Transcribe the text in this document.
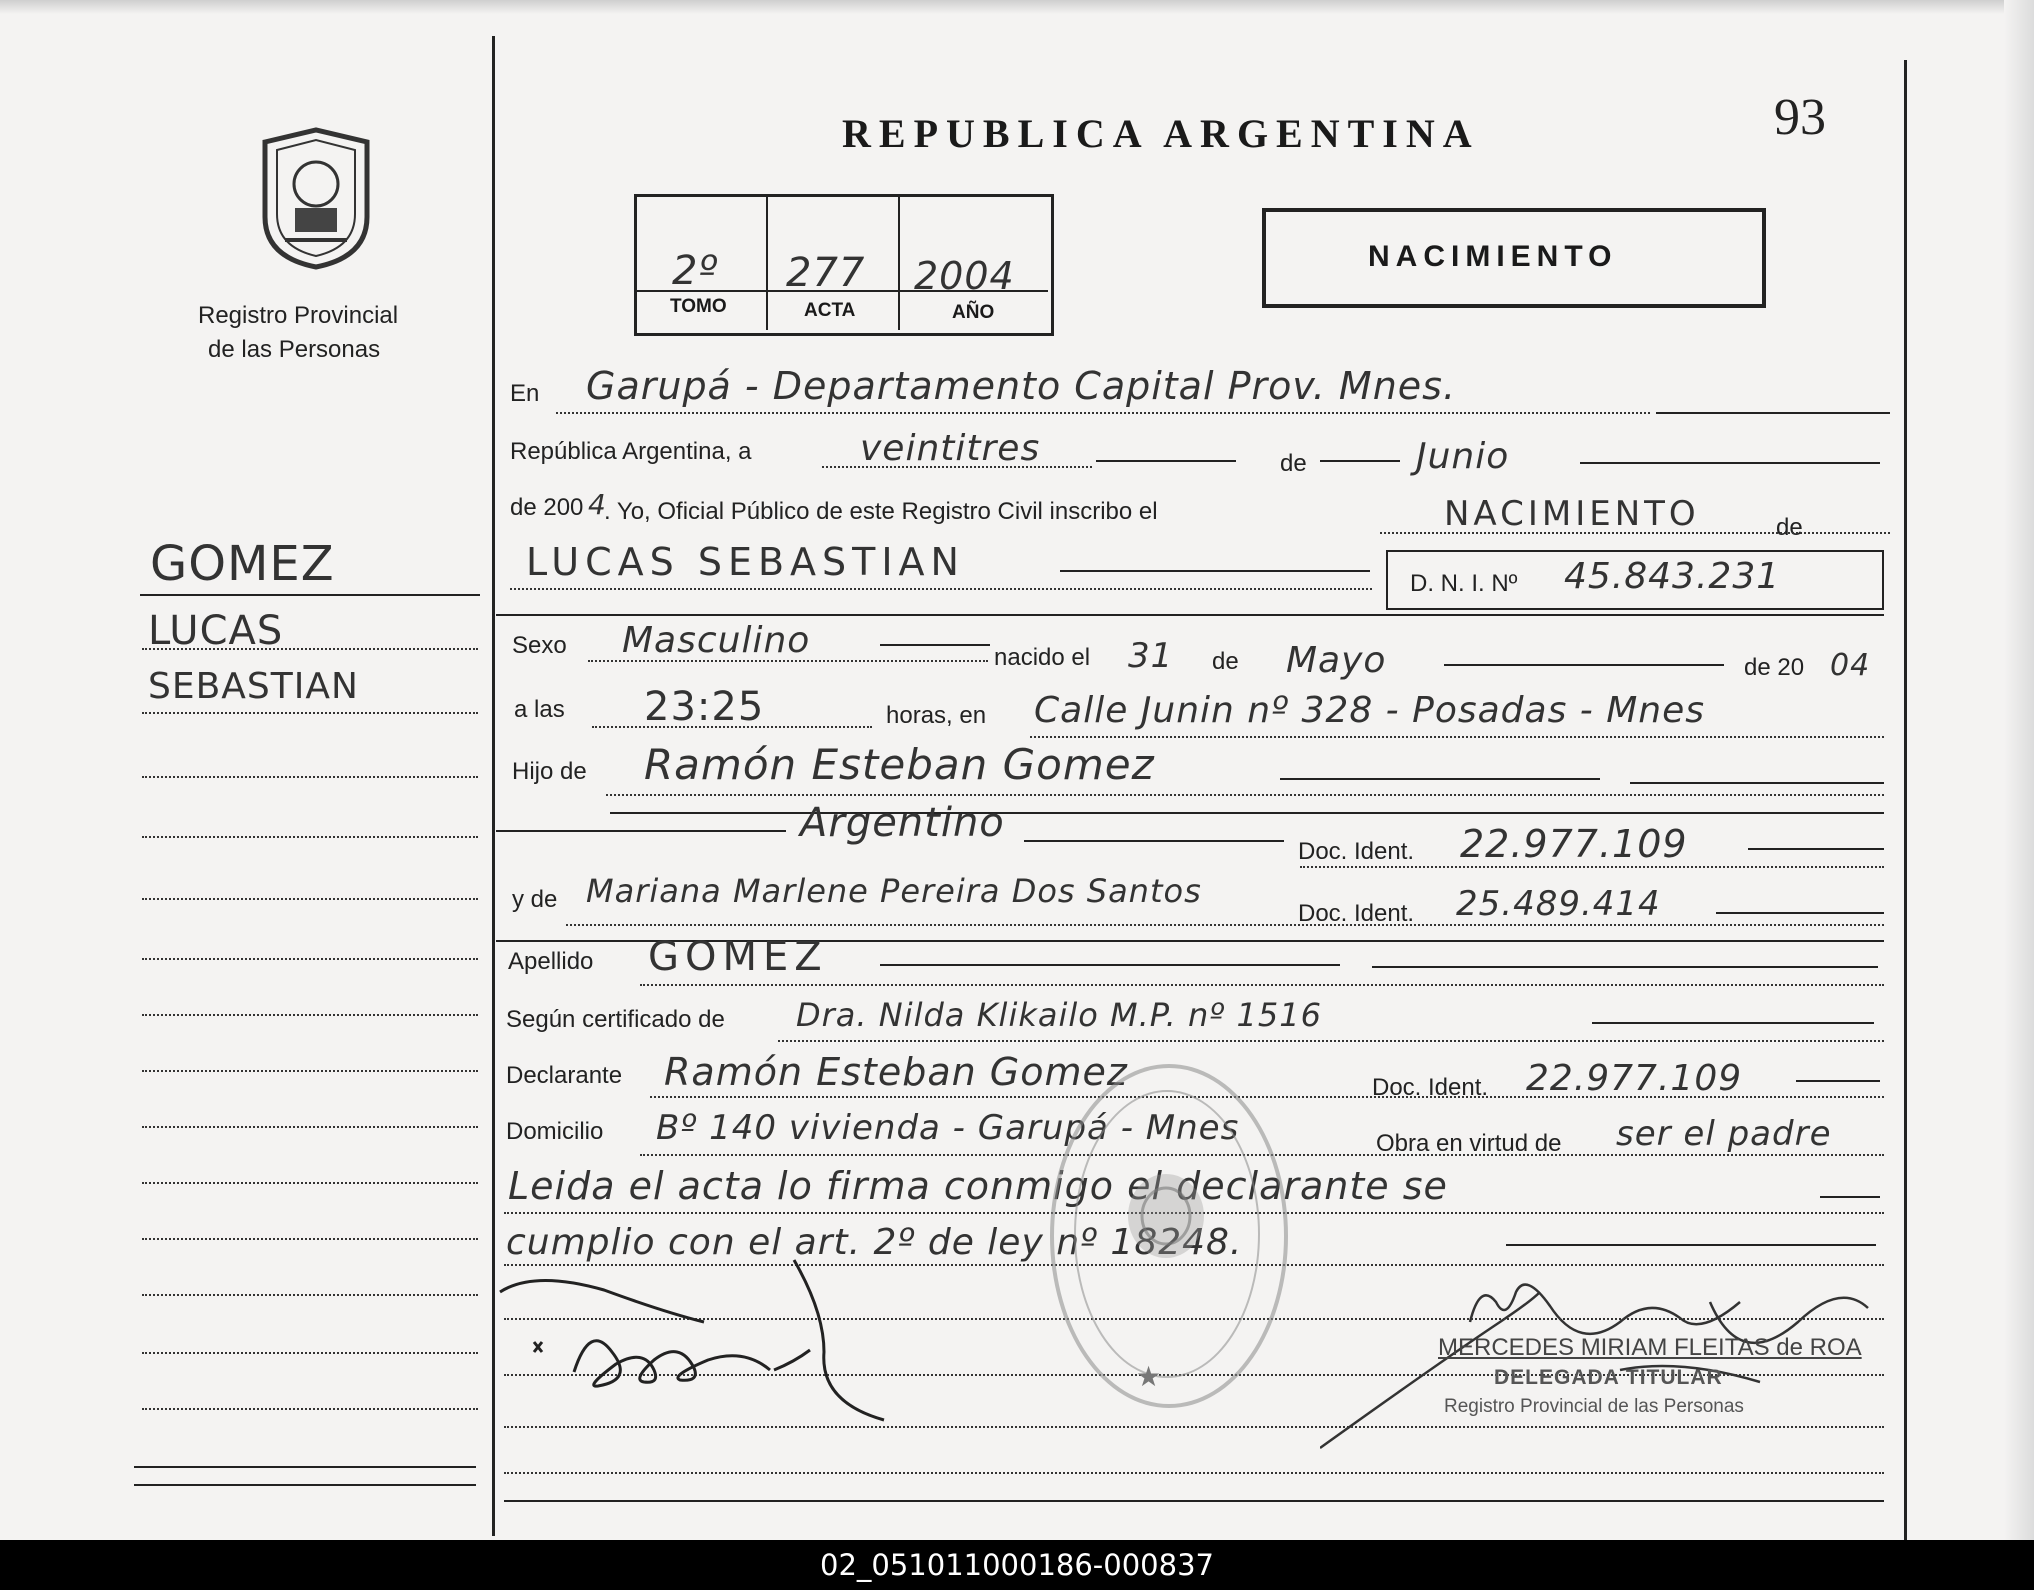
Registro Provincial
de las Personas
93
REPUBLICA ARGENTINA
2º 277 2004
TOMO	ACTA	AÑO
NACIMIENTO
GOMEZ
LUCAS
SEBASTIAN
En Garupá - Departamento Capital Prov. Mnes.
República Argentina, a	veintitres	de	Junio
de 200 4
. Yo, Oficial Público de este Registro Civil inscribo el	NACIMIENTO	de
LUCAS SEBASTIAN	D. N. I. Nº 45.843.231
Sexo Masculino	nacido el 31 de Mayo	de 20 04
a las 23:25	horas, en Calle Junin nº 328 - Posadas - Mnes
Hijo de Ramón Esteban Gomez
Argentino
Doc. Ident. 22.977.109
y de Mariana Marlene Pereira Dos Santos
Doc. Ident. 25.489.414
Apellido GOMEZ
Según certificado de Dra. Nilda Klikailo M.P. nº 1516
Declarante Ramón Esteban Gomez	Doc. Ident. 22.977.109
Domicilio Bº 140 vivienda - Garupá - Mnes	Obra en virtud de ser el padre
Leida el acta lo firma conmigo el declarante se
cumplio con el art. 2º de ley nº 18248.
★
MERCEDES MIRIAM FLEITAS de ROA
DELEGADA TITULAR
Registro Provincial de las Personas
02_051011000186-000837
